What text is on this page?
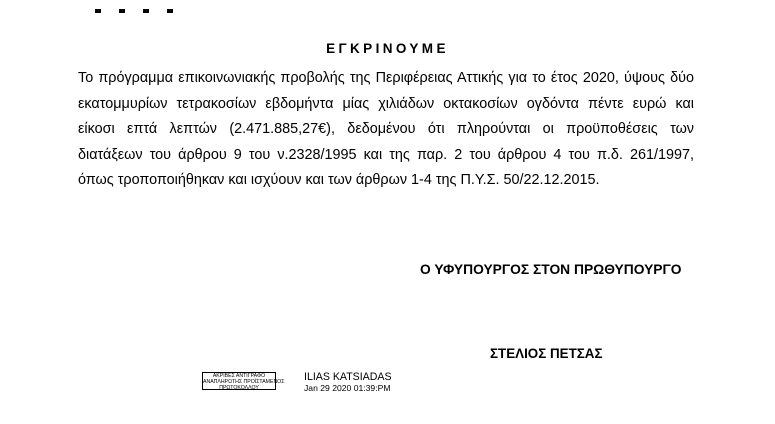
ΕΓΚΡΙΝΟΥΜΕ

Το πρόγραμμα επικοινωνιακής προβολής της Περιφέρειας Αττικής για το έτος 2020, ύψους δύο
εκατομμυρίων τετρακοσίων εβδομήντα μίας χιλιάδων οκτακοσίων ογδόντα πέντε ευρώ και
είκοσι επτά λεπτών (2.471.885,27€), δεδομένου ότι πληρούνται οι προϋποθέσεις των
διατάξεων του άρθρου 9 του ν.2328/1995 και της παρ. 2 του άρθρου 4 του π.δ. 261/1997,
όπως τροποποιήθηκαν και ισχύουν και των άρθρων 1-4 της Π.Υ.Σ. 50/22.12.2015.

Ο ΥΦΥΠΟΥΡΓΟΣ ΣΤΟΝ ΠΡΩΘΥΠΟΥΡΓΟ
ΑΚΡΙΒΕΣ ΑΝΤΙΓΡΑΦΟ
ΑΝΑΠΛΗΡΩΤΗΣ ΠΡΟΪΣΤΑΜΕΝΟΣ
ΠΡΩΤΟΚΟΛΛΟΥ
ILIAS KATSIADAS
Jan 29 2020 01:39:PM
ΣΤΕΛΙΟΣ ΠΕΤΣΑΣ
